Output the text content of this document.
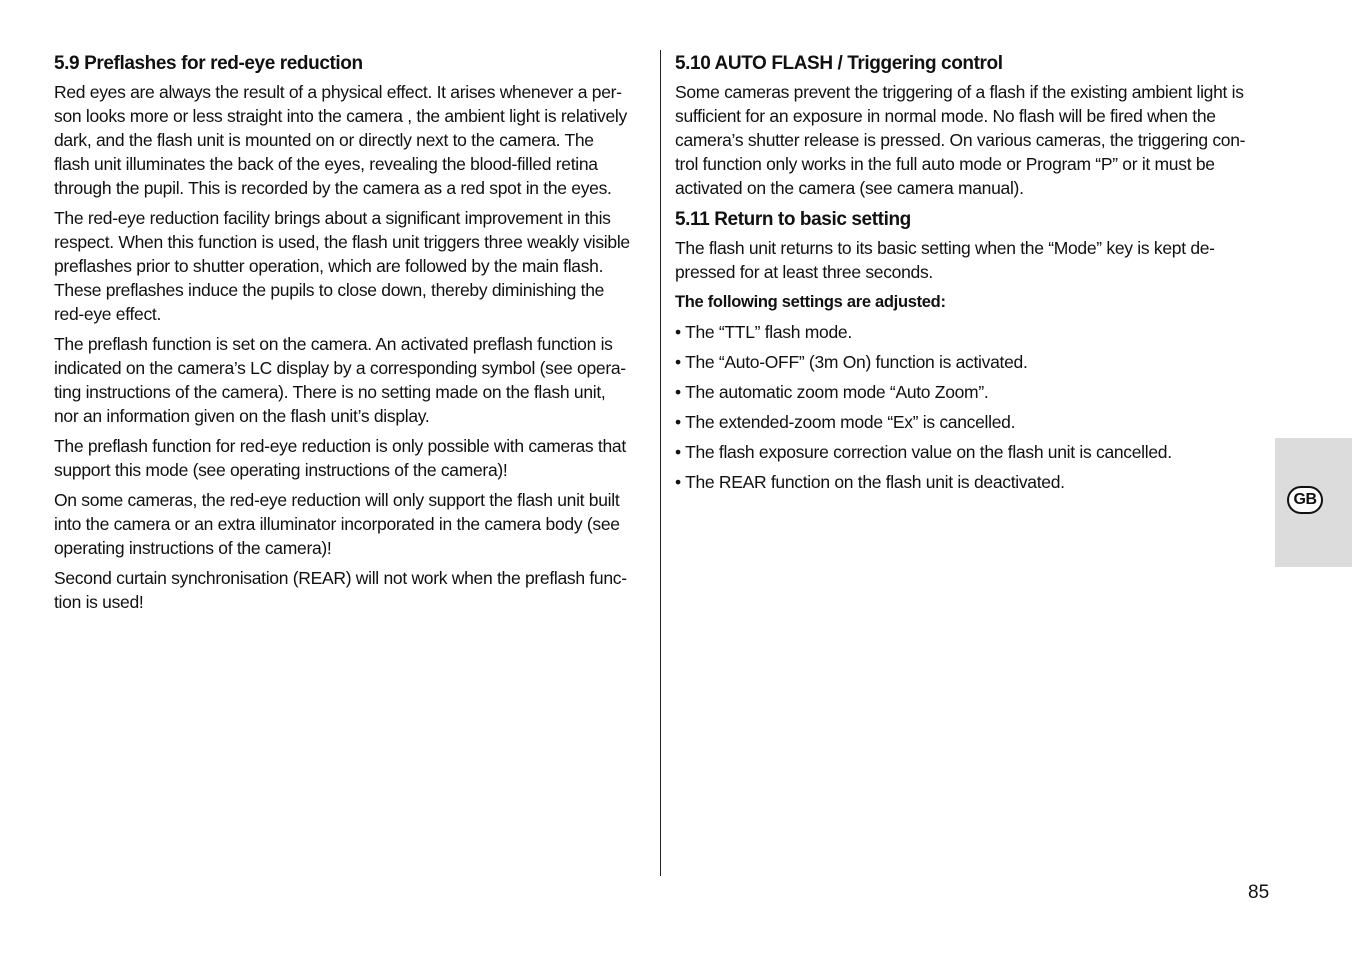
5.9 Preflashes for red-eye reduction

Red eyes are always the result of a physical effect. It arises whenever a per-
son looks more or less straight into the camera , the ambient light is relatively
dark, and the flash unit is mounted on or directly next to the camera. The
flash unit illuminates the back of the eyes, revealing the blood-filled retina
through the pupil. This is recorded by the camera as a red spot in the eyes.

The red-eye reduction facility brings about a significant improvement in this
respect. When this function is used, the flash unit triggers three weakly visible
preflashes prior to shutter operation, which are followed by the main flash.
These preflashes induce the pupils to close down, thereby diminishing the
red-eye effect.

The preflash function is set on the camera. An activated preflash function is
indicated on the camera’s LC display by a corresponding symbol (see opera-
ting instructions of the camera). There is no setting made on the flash unit,
nor an information given on the flash unit’s display.

The preflash function for red-eye reduction is only possible with cameras that
support this mode (see operating instructions of the camera)!

On some cameras, the red-eye reduction will only support the flash unit built
into the camera or an extra illuminator incorporated in the camera body (see
operating instructions of the camera)!

Second curtain synchronisation (REAR) will not work when the preflash func-
tion is used!

5.10 AUTO FLASH / Triggering control

Some cameras prevent the triggering of a flash if the existing ambient light is
sufficient for an exposure in normal mode. No flash will be fired when the
camera’s shutter release is pressed. On various cameras, the triggering con-
trol function only works in the full auto mode or Program “P” or it must be
activated on the camera (see camera manual).

5.11 Return to basic setting

The flash unit returns to its basic setting when the “Mode” key is kept de-
pressed for at least three seconds.

The following settings are adjusted:
• The “TTL” flash mode.
• The “Auto-OFF” (3m On) function is activated.
• The automatic zoom mode “Auto Zoom”.
• The extended-zoom mode “Ex” is cancelled.
• The flash exposure correction value on the flash unit is cancelled.
• The REAR function on the flash unit is deactivated.
GB
85
